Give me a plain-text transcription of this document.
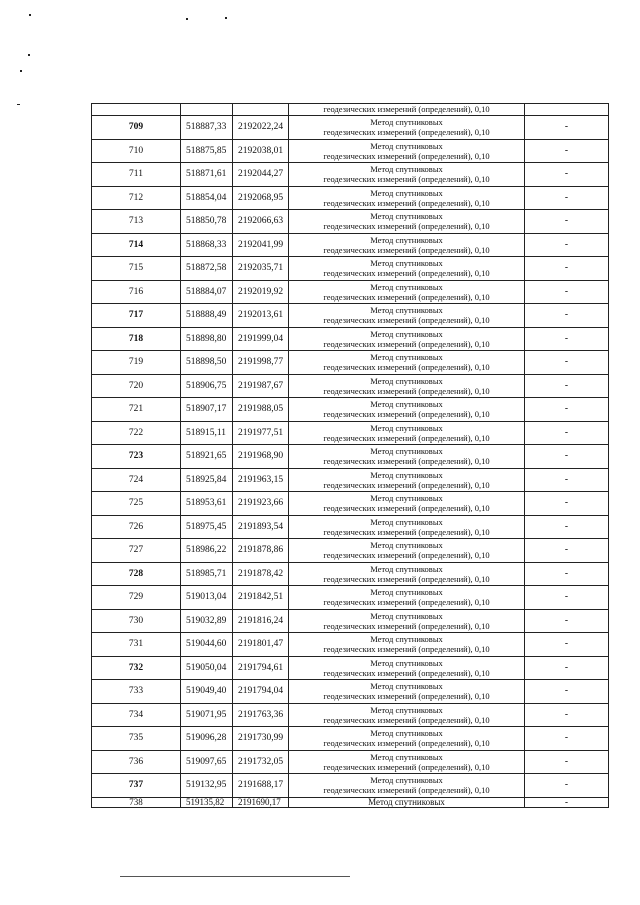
			геодезических измерений (определений), 0,10	

709	518887,33	2192022,24	Метод спутниковых
геодезических измерений (определений), 0,10	-
710	518875,85	2192038,01	Метод спутниковых
геодезических измерений (определений), 0,10	-
711	518871,61	2192044,27	Метод спутниковых
геодезических измерений (определений), 0,10	-
712	518854,04	2192068,95	Метод спутниковых
геодезических измерений (определений), 0,10	-
713	518850,78	2192066,63	Метод спутниковых
геодезических измерений (определений), 0,10	-
714	518868,33	2192041,99	Метод спутниковых
геодезических измерений (определений), 0,10	-
715	518872,58	2192035,71	Метод спутниковых
геодезических измерений (определений), 0,10	-
716	518884,07	2192019,92	Метод спутниковых
геодезических измерений (определений), 0,10	-
717	518888,49	2192013,61	Метод спутниковых
геодезических измерений (определений), 0,10	-
718	518898,80	2191999,04	Метод спутниковых
геодезических измерений (определений), 0,10	-
719	518898,50	2191998,77	Метод спутниковых
геодезических измерений (определений), 0,10	-
720	518906,75	2191987,67	Метод спутниковых
геодезических измерений (определений), 0,10	-
721	518907,17	2191988,05	Метод спутниковых
геодезических измерений (определений), 0,10	-
722	518915,11	2191977,51	Метод спутниковых
геодезических измерений (определений), 0,10	-
723	518921,65	2191968,90	Метод спутниковых
геодезических измерений (определений), 0,10	-
724	518925,84	2191963,15	Метод спутниковых
геодезических измерений (определений), 0,10	-
725	518953,61	2191923,66	Метод спутниковых
геодезических измерений (определений), 0,10	-
726	518975,45	2191893,54	Метод спутниковых
геодезических измерений (определений), 0,10	-
727	518986,22	2191878,86	Метод спутниковых
геодезических измерений (определений), 0,10	-
728	518985,71	2191878,42	Метод спутниковых
геодезических измерений (определений), 0,10	-
729	519013,04	2191842,51	Метод спутниковых
геодезических измерений (определений), 0,10	-
730	519032,89	2191816,24	Метод спутниковых
геодезических измерений (определений), 0,10	-
731	519044,60	2191801,47	Метод спутниковых
геодезических измерений (определений), 0,10	-
732	519050,04	2191794,61	Метод спутниковых
геодезических измерений (определений), 0,10	-
733	519049,40	2191794,04	Метод спутниковых
геодезических измерений (определений), 0,10	-
734	519071,95	2191763,36	Метод спутниковых
геодезических измерений (определений), 0,10	-
735	519096,28	2191730,99	Метод спутниковых
геодезических измерений (определений), 0,10	-
736	519097,65	2191732,05	Метод спутниковых
геодезических измерений (определений), 0,10	-
737	519132,95	2191688,17	Метод спутниковых
геодезических измерений (определений), 0,10	-
738	519135,82	2191690,17	Метод спутниковых	-
